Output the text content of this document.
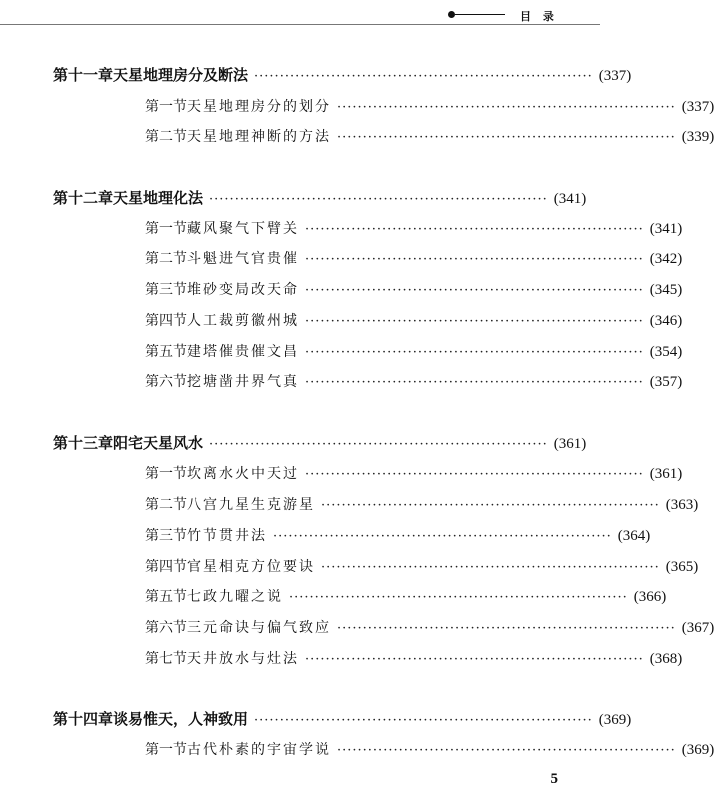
目 录
第十一章 天星地理房分及断法 ·································································· (337)
第一节 天星地理房分的划分 ·································································· (337)
第二节 天星地理神断的方法 ·································································· (339)
第十二章 天星地理化法 ·································································· (341)
第一节 藏风聚气下臂关 ·································································· (341)
第二节 斗魁进气官贵催 ·································································· (342)
第三节 堆砂变局改天命 ·································································· (345)
第四节 人工裁剪徽州城 ·································································· (346)
第五节 建塔催贵催文昌 ·································································· (354)
第六节 挖塘凿井界气真 ·································································· (357)
第十三章 阳宅天星风水 ·································································· (361)
第一节 坎离水火中天过 ·································································· (361)
第二节 八宫九星生克游星 ·································································· (363)
第三节 竹节贯井法 ·································································· (364)
第四节 官星相克方位要诀 ·································································· (365)
第五节 七政九曜之说 ·································································· (366)
第六节 三元命诀与偏气致应 ·································································· (367)
第七节 天井放水与灶法 ·································································· (368)
第十四章 谈易惟天，人神致用 ·································································· (369)
第一节 古代朴素的宇宙学说 ·································································· (369)
5
